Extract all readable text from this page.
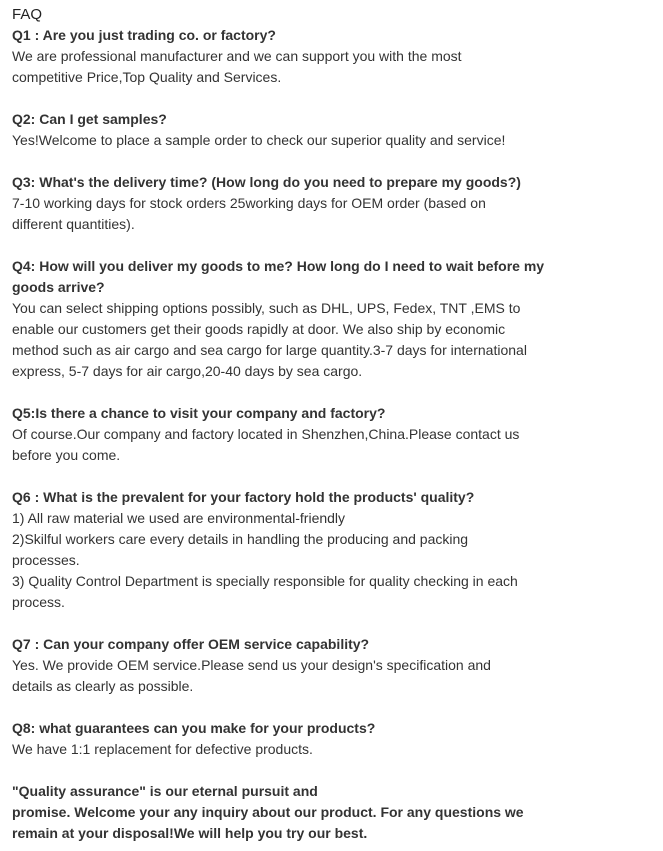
FAQ

Q1 : Are you just trading co. or factory?

We are professional manufacturer and we can support you with the most

competitive Price,Top Quality and Services.

Q2: Can I get samples?

Yes!Welcome to place a sample order to check our superior quality and service!

Q3: What's the delivery time? (How long do you need to prepare my goods?)

7-10 working days for stock orders 25working days for OEM order (based on

different quantities).

Q4: How will you deliver my goods to me? How long do I need to wait before my goods arrive?

You can select shipping options possibly, such as DHL, UPS, Fedex, TNT ,EMS to

enable our customers get their goods rapidly at door. We also ship by economic

method such as air cargo and sea cargo for large quantity.3-7 days for international

express, 5-7 days for air cargo,20-40 days by sea cargo.

Q5:Is there a chance to visit your company and factory?

Of course.Our company and factory located in Shenzhen,China.Please contact us

before you come.

Q6 : What is the prevalent for your factory hold the products' quality?

1) All raw material we used are environmental-friendly

2)Skilful workers care every details in handling the producing and packing

processes.

3) Quality Control Department is specially responsible for quality checking in each

process.

Q7 : Can your company offer OEM service capability?

Yes. We provide OEM service.Please send us your design's specification and

details as clearly as possible.

Q8: what guarantees can you make for your products?

We have 1:1 replacement for defective products.

"Quality assurance" is our eternal pursuit and

promise. Welcome your any inquiry about our product. For any questions we

remain at your disposal!We will help you try our best.
